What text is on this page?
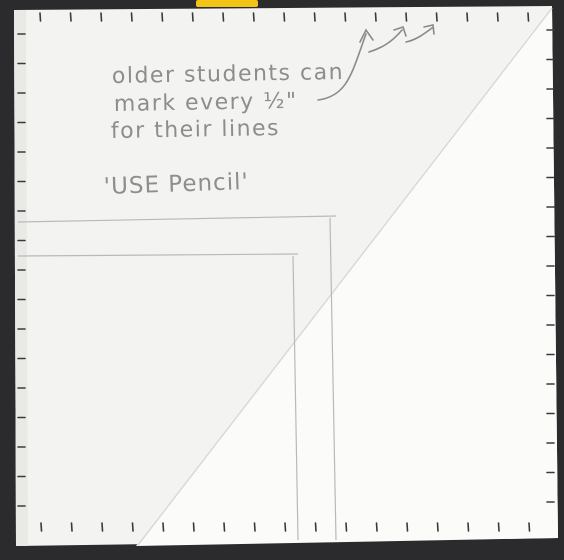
older students can
mark every ½"
for their lines
'USE Pencil'
